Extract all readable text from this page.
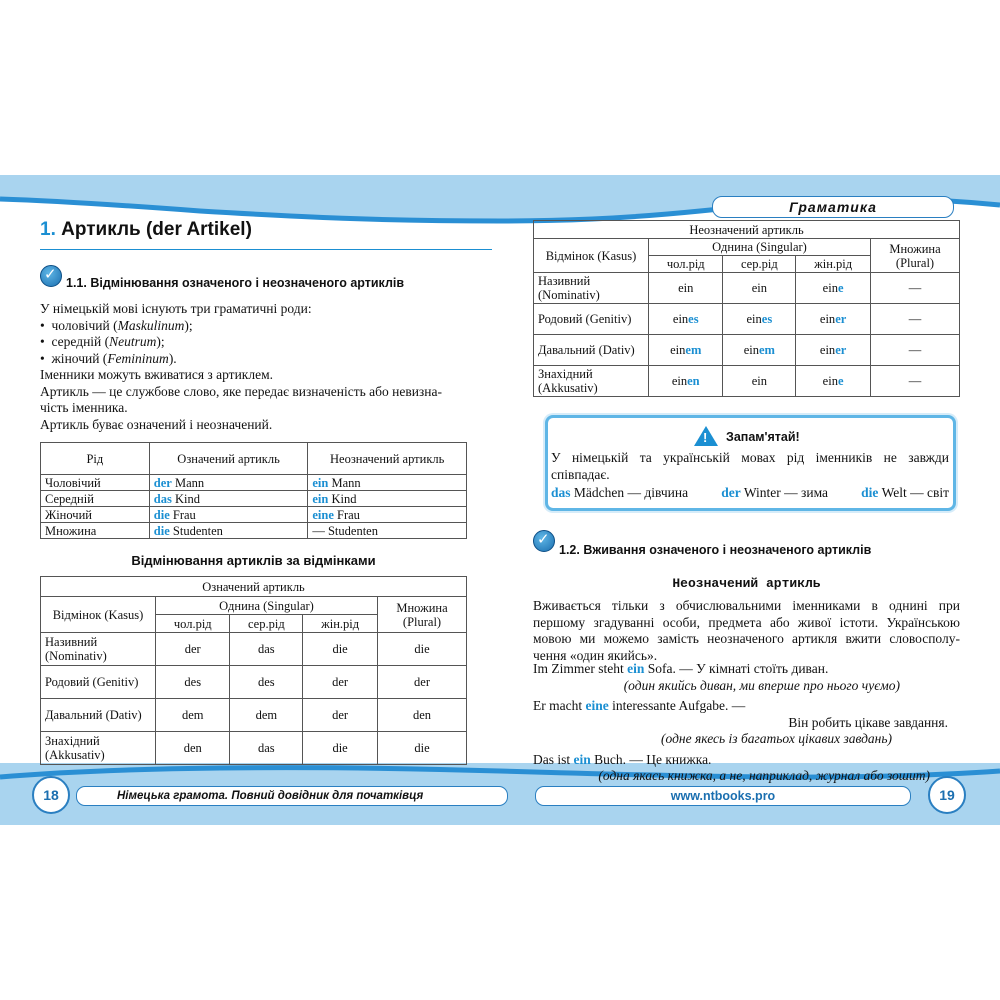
Граматика
1. Артикль (der Artikel)
✓
1.1. Відмінювання означеного і неозначеного артиклів
У німецькій мові існують три граматичні роди:
•  чоловічий (Maskulinum);
•  середній (Neutrum);
•  жіночий (Femininum).
Іменники можуть вживатися з артиклем.
Артикль — це службове слово, яке передає визначеність або невизна-
чість іменника.
Артикль буває означений і неозначений.
Рід	Означений артикль	Неозначений артикль
Чоловічий	der Mann	ein Mann
Середній	das Kind	ein Kind
Жіночий	die Frau	eine Frau
Множина	die Studenten	— Studenten
Відмінювання артиклів за відмінками
Означений артикль				
Відмінок (Kasus)	Однина (Singular)			Множина (Plural)
	чол.рід	сер.рід	жін.рід	
Називний (Nominativ)	der	das	die	die
Родовий (Genitiv)	des	des	der	der
Давальний (Dativ)	dem	dem	der	den
Знахідний (Akkusativ)	den	das	die	die
18	Німецька грамота. Повний довідник для початківця
Неозначений артикль				
Відмінок (Kasus)	Однина (Singular)			Множина (Plural)
	чол.рід	сер.рід	жін.рід	
Називний (Nominativ)	ein	ein	eine	—
Родовий (Genitiv)	eines	eines	einer	—
Давальний (Dativ)	einem	einem	einer	—
Знахідний (Akkusativ)	einen	ein	eine	—
!
Запам'ятай!
У німецькій та українській мовах рід іменників не завжди
співпадає.
das Mädchen — дівчина der Winter — зима die Welt — світ
✓
1.2. Вживання означеного і неозначеного артиклів
Неозначений артикль
Вживається тільки з обчислювальними іменниками в однині при
першому згадуванні особи, предмета або живої істоти. Українською
мовою ми можемо замість неозначеного артикля вжити словосполу-
чення «один якийсь».
Im Zimmer steht ein Sofa. — У кімнаті стоїть диван.
(один якийсь диван, ми вперше про нього чуємо)
Er macht eine interessante Aufgabe. —
Він робить цікаве завдання.
(одне якесь із багатьох цікавих завдань)
Das ist ein Buch. — Це книжка.
(одна якась книжка, а не, наприклад, журнал або зошит)
www.ntbooks.pro	19
